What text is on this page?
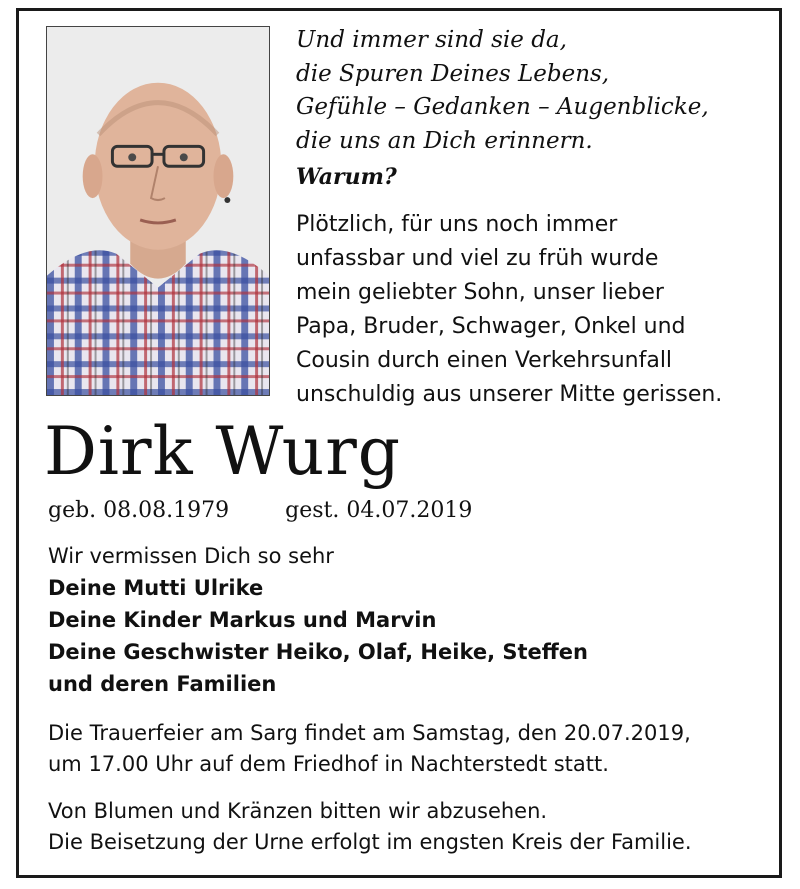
Und immer sind sie da,
die Spuren Deines Lebens,
Gefühle – Gedanken – Augenblicke,
die uns an Dich erinnern.
Warum?
Plötzlich, für uns noch immer
unfassbar und viel zu früh wurde
mein geliebter Sohn, unser lieber
Papa, Bruder, Schwager, Onkel und
Cousin durch einen Verkehrsunfall
unschuldig aus unserer Mitte gerissen.
Dirk Wurg
geb. 08.08.1979	gest. 04.07.2019
Wir vermissen Dich so sehr
Deine Mutti Ulrike
Deine Kinder Markus und Marvin
Deine Geschwister Heiko, Olaf, Heike, Steffen
und deren Familien
Die Trauerfeier am Sarg findet am Samstag, den 20.07.2019,
um 17.00 Uhr auf dem Friedhof in Nachterstedt statt.
Von Blumen und Kränzen bitten wir abzusehen.
Die Beisetzung der Urne erfolgt im engsten Kreis der Familie.
